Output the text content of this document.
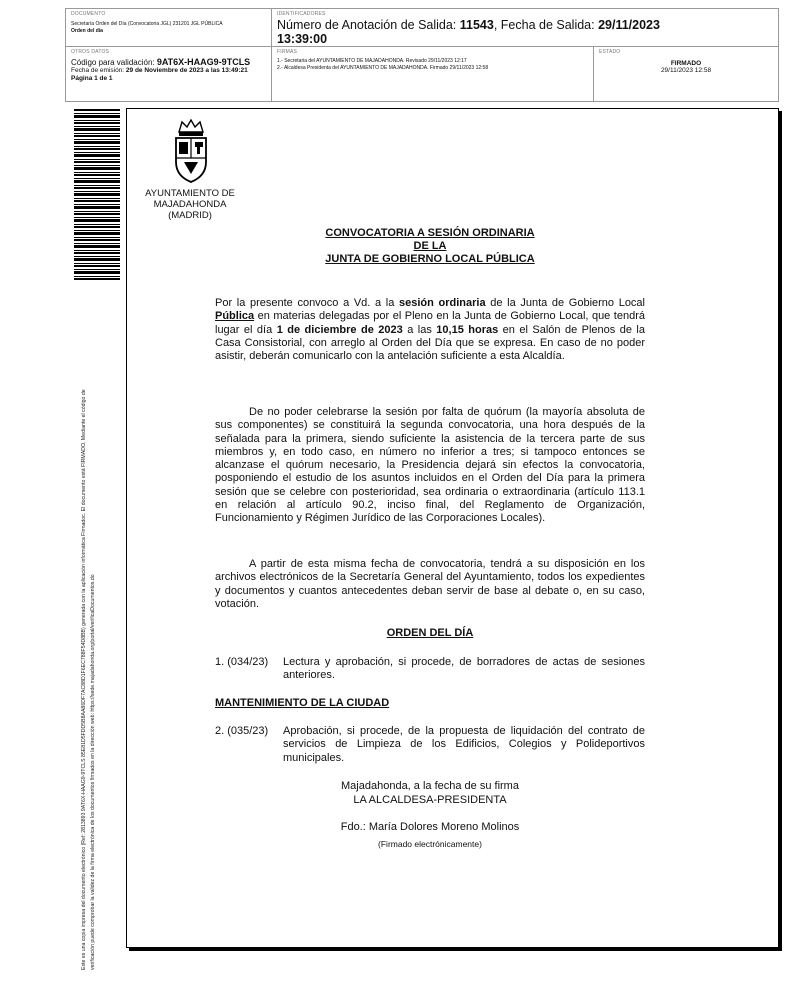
DOCUMENTO
Secretaría Orden del Día (Convocatoria JGL) 231201 JGL PÚBLICA
Orden del día
IDENTIFICADORES
Número de Anotación de Salida: 11543, Fecha de Salida: 29/11/2023
13:39:00
OTROS DATOS
Código para validación: 9AT6X-HAAG9-9TCLS
Fecha de emisión: 29 de Noviembre de 2023 a las 13:49:21
Página 1 de 1
FIRMAS
1.- Secretaria del AYUNTAMIENTO DE MAJADAHONDA. Revisado 29/11/2023 12:17
2.- Alcaldesa Presidenta del AYUNTAMIENTO DE MAJADAHONDA. Firmado 29/11/2023 12:58
ESTADO
FIRMADO
29/11/2023 12:58
Este es una copia impresa del documento electrónico (Ref: 2813893 9AT6X-HAAG9-9TCLS 85E81D5FDD5B8AA86DF7AC88D1F6EC788F54D8BB) generada con la aplicación informática Firmadoc. El documento está FIRMADO. Mediante el código de verificación puede comprobar la validez de la firma electrónica de los documentos firmados en la dirección web: https://sede.majadahonda.org/portal/verificaDocumentos.do
AYUNTAMIENTO DE
MAJADAHONDA
(MADRID)
CONVOCATORIA A SESIÓN ORDINARIA
DE LA
JUNTA DE GOBIERNO LOCAL PÚBLICA
Por la presente convoco a Vd. a la sesión ordinaria de la Junta de Gobierno Local Pública en materias delegadas por el Pleno en la Junta de Gobierno Local, que tendrá lugar el día 1 de diciembre de 2023 a las 10,15 horas en el Salón de Plenos de la Casa Consistorial, con arreglo al Orden del Día que se expresa. En caso de no poder asistir, deberán comunicarlo con la antelación suficiente a esta Alcaldía.
De no poder celebrarse la sesión por falta de quórum (la mayoría absoluta de sus componentes) se constituirá la segunda convocatoria, una hora después de la señalada para la primera, siendo suficiente la asistencia de la tercera parte de sus miembros y, en todo caso, en número no inferior a tres; si tampoco entonces se alcanzase el quórum necesario, la Presidencia dejará sin efectos la convocatoria, posponiendo el estudio de los asuntos incluidos en el Orden del Día para la primera sesión que se celebre con posterioridad, sea ordinaria o extraordinaria (artículo 113.1 en relación al artículo 90.2, inciso final, del Reglamento de Organización, Funcionamiento y Régimen Jurídico de las Corporaciones Locales).
A partir de esta misma fecha de convocatoria, tendrá a su disposición en los archivos electrónicos de la Secretaría General del Ayuntamiento, todos los expedientes y documentos y cuantos antecedentes deban servir de base al debate o, en su caso, votación.
ORDEN DEL DÍA
1. (034/23)	Lectura y aprobación, si procede, de borradores de actas de sesiones anteriores.
MANTENIMIENTO DE LA CIUDAD
2. (035/23)	Aprobación, si procede, de la propuesta de liquidación del contrato de servicios de Limpieza de los Edificios, Colegios y Polideportivos municipales.
Majadahonda, a la fecha de su firma
LA ALCALDESA-PRESIDENTA
Fdo.: María Dolores Moreno Molinos
(Firmado electrónicamente)
